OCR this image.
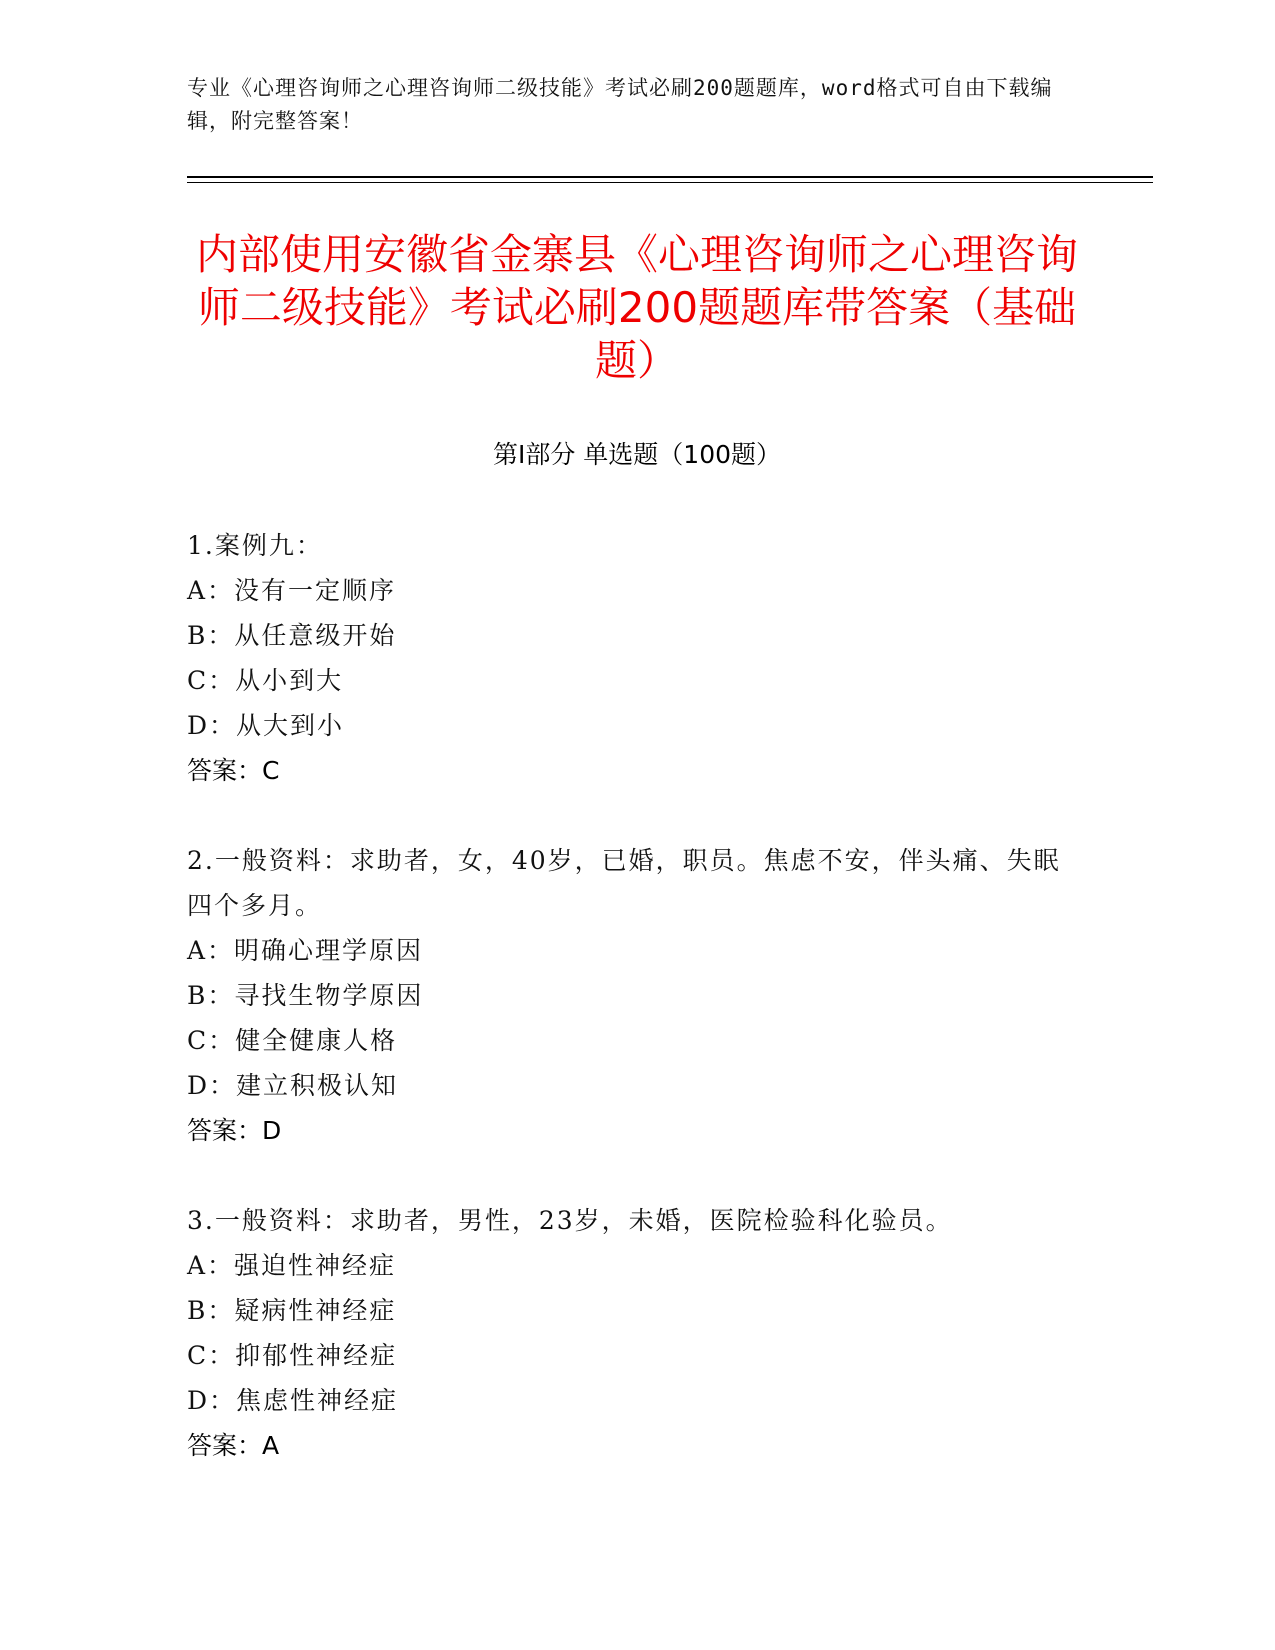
专业《心理咨询师之心理咨询师二级技能》考试必刷200题题库，word格式可自由下载编辑，附完整答案！
内部使用安徽省金寨县《心理咨询师之心理咨询师二级技能》考试必刷200题题库带答案（基础题）
第Ⅰ部分 单选题（100题）
1.案例九：
A：没有一定顺序
B：从任意级开始
C：从小到大
D：从大到小
答案：C
2.一般资料：求助者，女，40岁，已婚，职员。焦虑不安，伴头痛、失眠四个多月。
A：明确心理学原因
B：寻找生物学原因
C：健全健康人格
D：建立积极认知
答案：D
3.一般资料：求助者，男性，23岁，未婚，医院检验科化验员。
A：强迫性神经症
B：疑病性神经症
C：抑郁性神经症
D：焦虑性神经症
答案：A
